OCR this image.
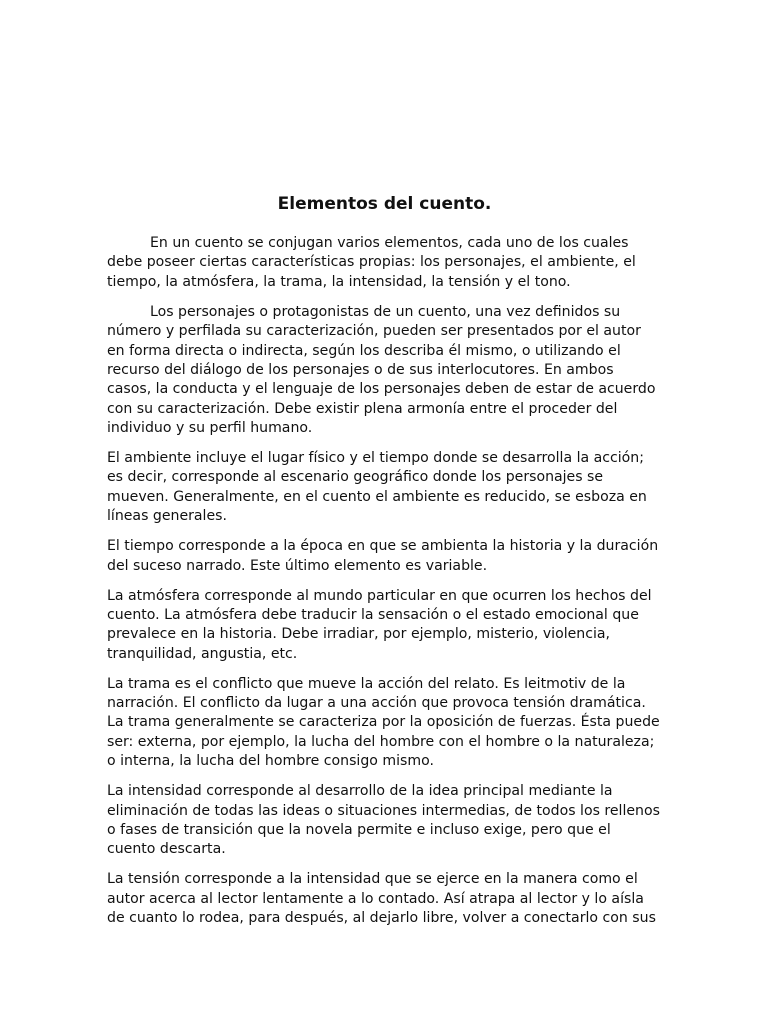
Elementos del cuento.

En un cuento se conjugan varios elementos, cada uno de los cuales debe poseer ciertas características propias: los personajes, el ambiente, el tiempo, la atmósfera, la trama, la intensidad, la tensión y el tono.

Los personajes o protagonistas de un cuento, una vez definidos su número y perfilada su caracterización, pueden ser presentados por el autor en forma directa o indirecta, según los describa él mismo, o utilizando el recurso del diálogo de los personajes o de sus interlocutores. En ambos casos, la conducta y el lenguaje de los personajes deben de estar de acuerdo con su caracterización. Debe existir plena armonía entre el proceder del individuo y su perfil humano.

El ambiente incluye el lugar físico y el tiempo donde se desarrolla la acción; es decir, corresponde al escenario geográfico donde los personajes se mueven. Generalmente, en el cuento el ambiente es reducido, se esboza en líneas generales.

El tiempo corresponde a la época en que se ambienta la historia y la duración del suceso narrado. Este último elemento es variable.

La atmósfera corresponde al mundo particular en que ocurren los hechos del cuento. La atmósfera debe traducir la sensación o el estado emocional que prevalece en la historia. Debe irradiar, por ejemplo, misterio, violencia, tranquilidad, angustia, etc.

La trama es el conflicto que mueve la acción del relato. Es leitmotiv de la narración. El conflicto da lugar a una acción que provoca tensión dramática. La trama generalmente se caracteriza por la oposición de fuerzas. Ésta puede ser: externa, por ejemplo, la lucha del hombre con el hombre o la naturaleza; o interna, la lucha del hombre consigo mismo.

La intensidad corresponde al desarrollo de la idea principal mediante la eliminación de todas las ideas o situaciones intermedias, de todos los rellenos o fases de transición que la novela permite e incluso exige, pero que el cuento descarta.

La tensión corresponde a la intensidad que se ejerce en la manera como el autor acerca al lector lentamente a lo contado. Así atrapa al lector y lo aísla de cuanto lo rodea, para después, al dejarlo libre, volver a conectarlo con sus
